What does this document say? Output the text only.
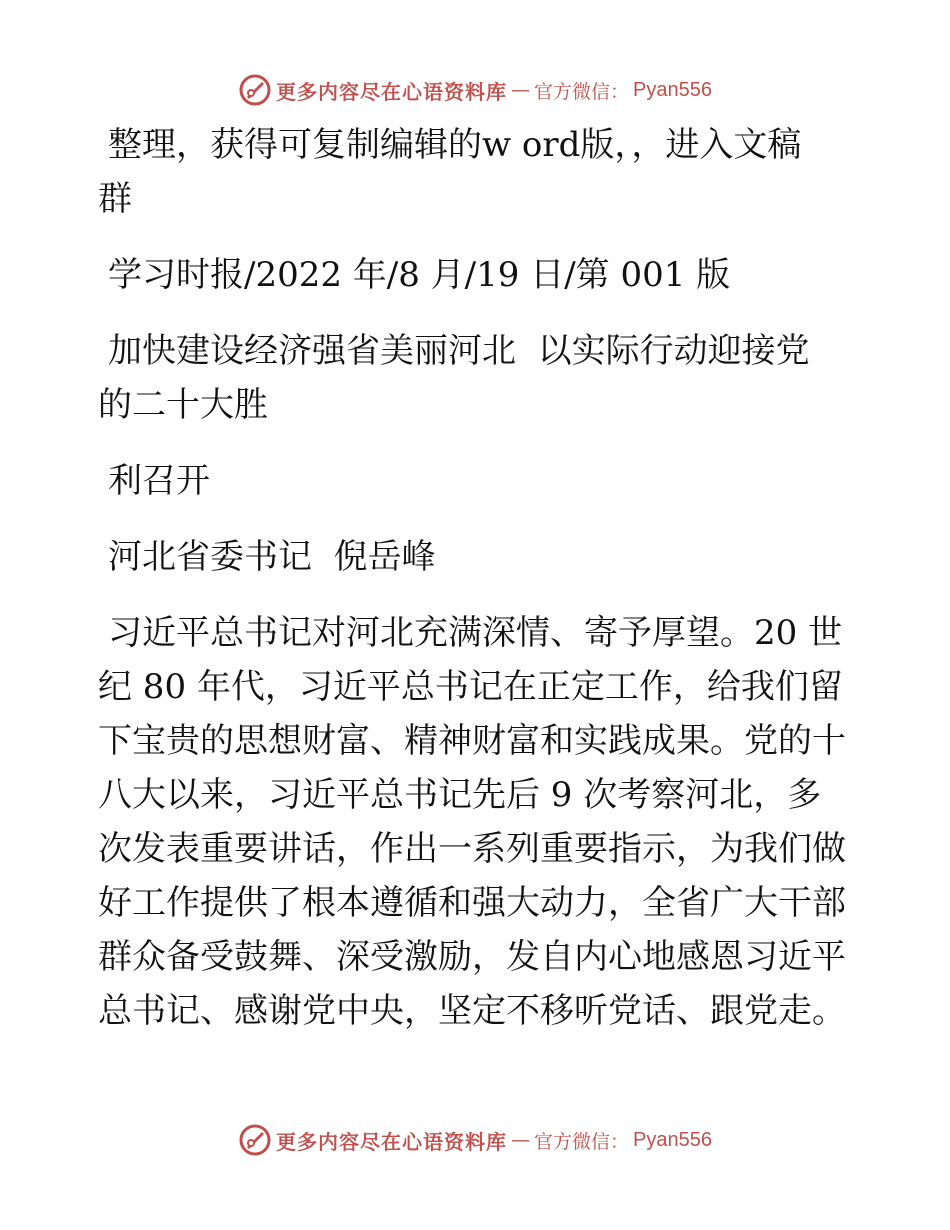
更多内容尽在心语资料库 — 官方微信： Pyan556

整理，获得可复制编辑的w ord版，，进入文稿

群

学习时报/2022 年/8 月/19 日/第 001 版

加快建设经济强省美丽河北  以实际行动迎接党

的二十大胜

利召开

河北省委书记  倪岳峰

习近平总书记对河北充满深情、寄予厚望。20 世

纪 80 年代，习近平总书记在正定工作，给我们留

下宝贵的思想财富、精神财富和实践成果。党的十

八大以来，习近平总书记先后 9 次考察河北，多

次发表重要讲话，作出一系列重要指示，为我们做

好工作提供了根本遵循和强大动力，全省广大干部

群众备受鼓舞、深受激励，发自内心地感恩习近平

总书记、感谢党中央，坚定不移听党话、跟党走。

更多内容尽在心语资料库 — 官方微信： Pyan556
